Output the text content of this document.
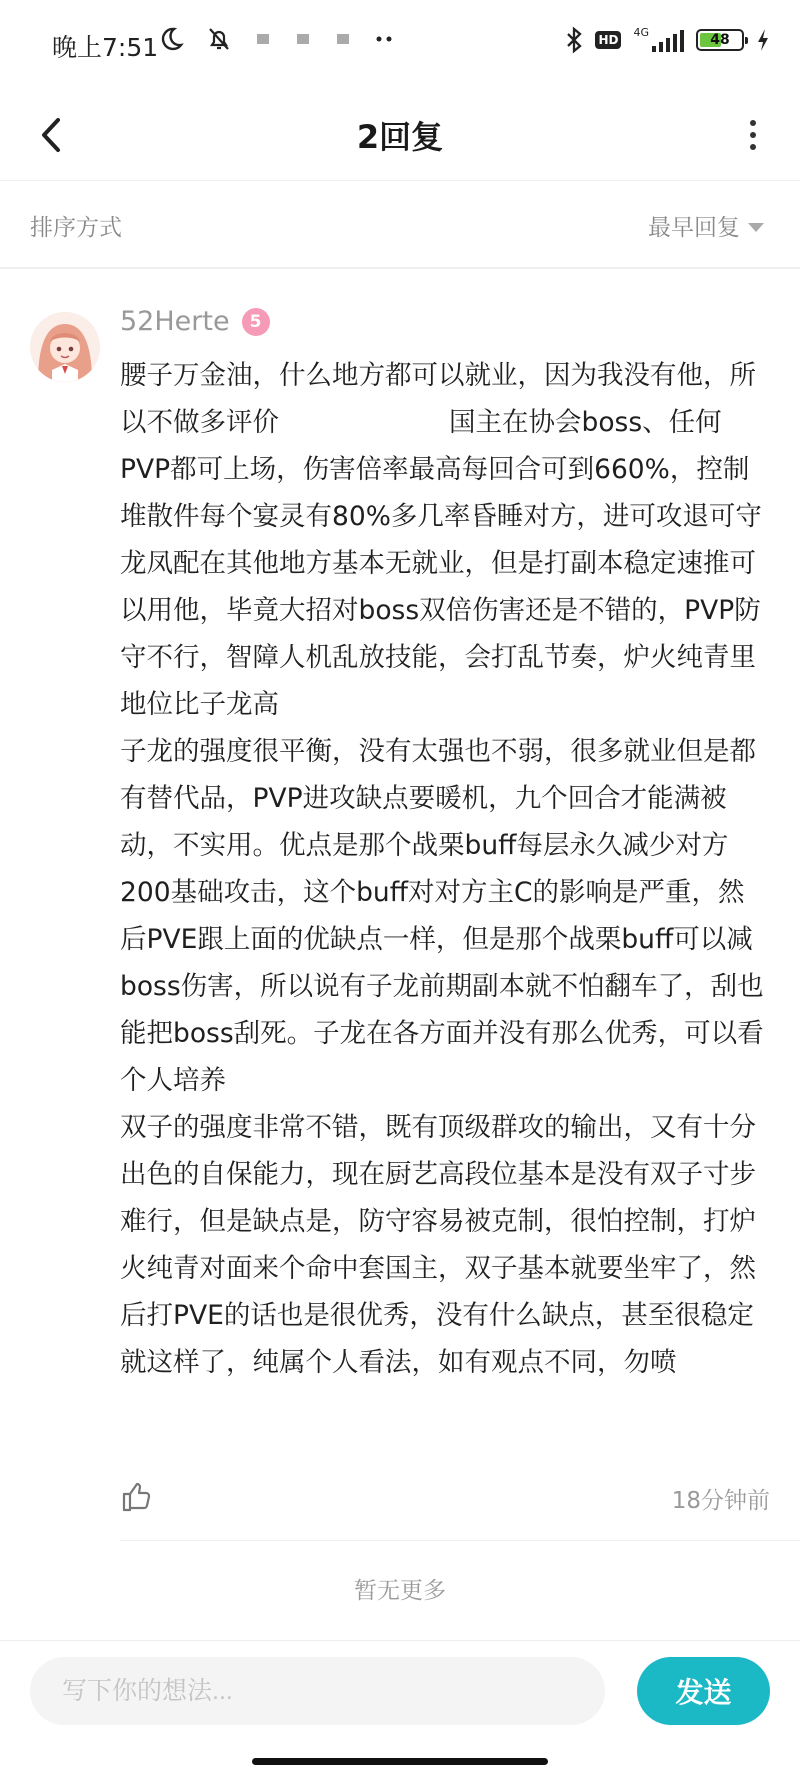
晚上7:51	HD
4G	48
2回复
排序方式	最早回复
52Herte	5

腰子万金油，什么地方都可以就业，因为我没有他，所以不做多评价	国主在协会boss、任何PVP都可上场，伤害倍率最高每回合可到660%，控制堆散件每个宴灵有80%多几率昏睡对方，进可攻退可守

龙凤配在其他地方基本无就业，但是打副本稳定速推可以用他，毕竟大招对boss双倍伤害还是不错的，PVP防守不行，智障人机乱放技能，会打乱节奏，炉火纯青里地位比子龙高

子龙的强度很平衡，没有太强也不弱，很多就业但是都有替代品，PVP进攻缺点要暖机，九个回合才能满被动，不实用。优点是那个战栗buff每层永久减少对方200基础攻击，这个buff对对方主C的影响是严重，然后PVE跟上面的优缺点一样，但是那个战栗buff可以减boss伤害，所以说有子龙前期副本就不怕翻车了，刮也能把boss刮死。子龙在各方面并没有那么优秀，可以看个人培养

双子的强度非常不错，既有顶级群攻的输出，又有十分出色的自保能力，现在厨艺高段位基本是没有双子寸步难行，但是缺点是，防守容易被克制，很怕控制，打炉火纯青对面来个命中套国主，双子基本就要坐牢了，然后打PVE的话也是很优秀，没有什么缺点，甚至很稳定

就这样了，纯属个人看法，如有观点不同，勿喷

18分钟前
暂无更多
写下你的想法...
发送
